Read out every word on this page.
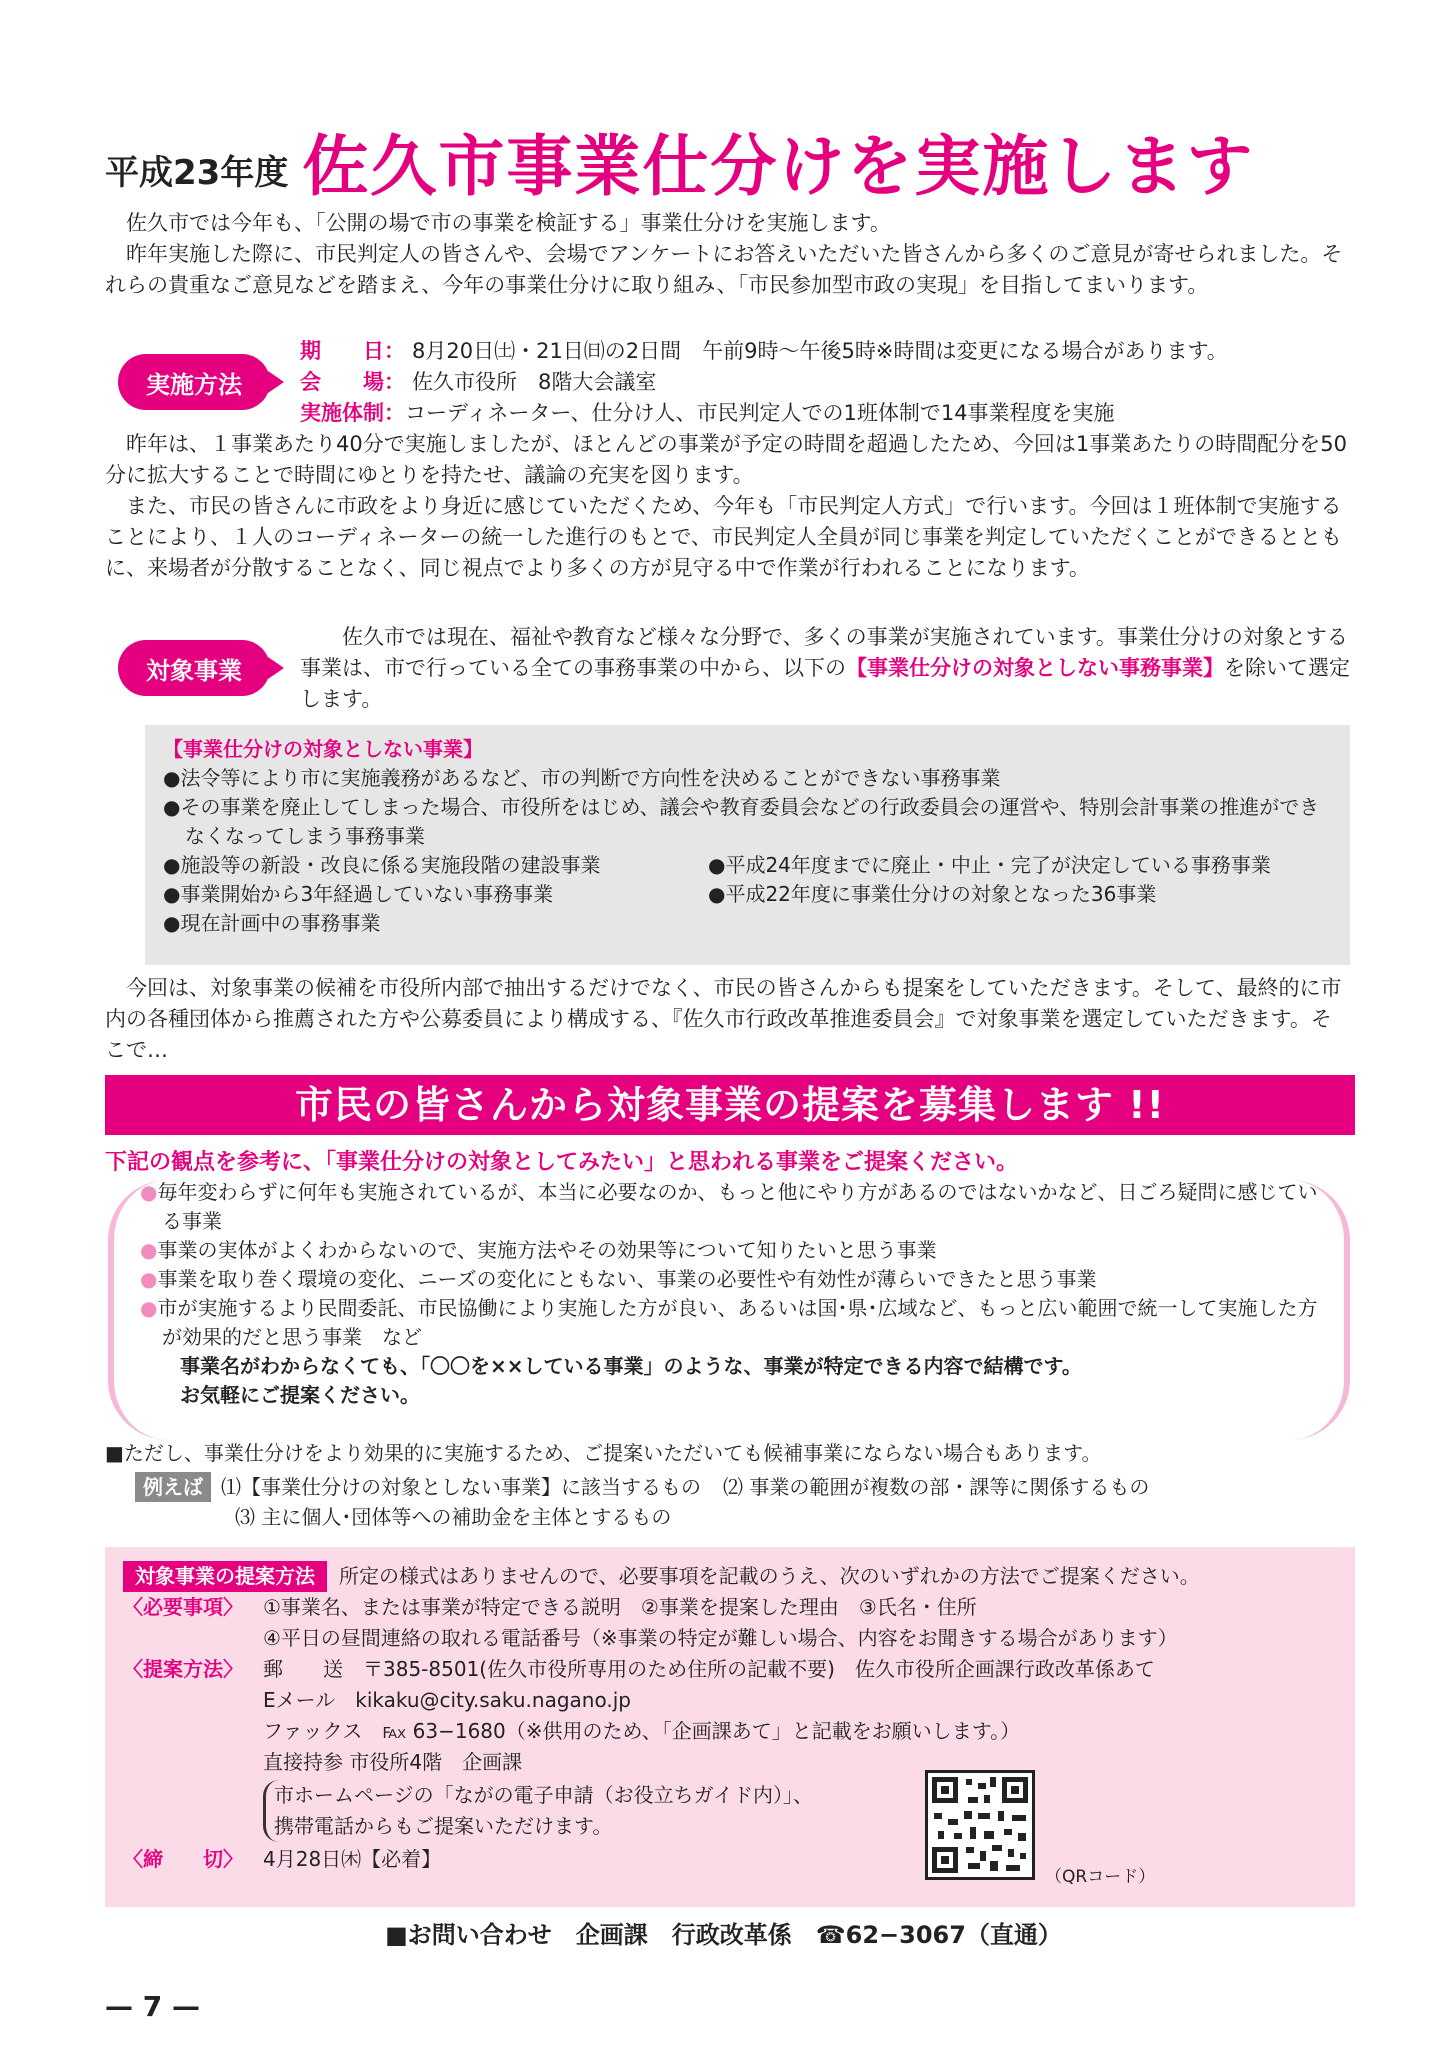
平成23年度 佐久市事業仕分けを実施します

佐久市では今年も、「公開の場で市の事業を検証する」事業仕分けを実施します。

昨年実施した際に、市民判定人の皆さんや、会場でアンケートにお答えいただいた皆さんから多くのご意見が寄せられました。それらの貴重なご意見などを踏まえ、今年の事業仕分けに取り組み、「市民参加型市政の実現」を目指してまいります。

実施方法
期　　日： 8月20日㈯・21日㈰の2日間　午前9時〜午後5時※時間は変更になる場合があります。
会　　場： 佐久市役所　8階大会議室
実施体制： コーディネーター、仕分け人、市民判定人での1班体制で14事業程度を実施

昨年は、１事業あたり40分で実施しましたが、ほとんどの事業が予定の時間を超過したため、今回は1事業あたりの時間配分を50分に拡大することで時間にゆとりを持たせ、議論の充実を図ります。

また、市民の皆さんに市政をより身近に感じていただくため、今年も「市民判定人方式」で行います。今回は１班体制で実施することにより、１人のコーディネーターの統一した進行のもとで、市民判定人全員が同じ事業を判定していただくことができるとともに、来場者が分散することなく、同じ視点でより多くの方が見守る中で作業が行われることになります。

対象事業

佐久市では現在、福祉や教育など様々な分野で、多くの事業が実施されています。事業仕分けの対象とする事業は、市で行っている全ての事務事業の中から、以下の【事業仕分けの対象としない事務事業】を除いて選定します。

【事業仕分けの対象としない事業】
●法令等により市に実施義務があるなど、市の判断で方向性を決めることができない事務事業
●その事業を廃止してしまった場合、市役所をはじめ、議会や教育委員会などの行政委員会の運営や、特別会計事業の推進ができなくなってしまう事務事業
●施設等の新設・改良に係る実施段階の建設事業	●平成24年度までに廃止・中止・完了が決定している事務事業
●事業開始から3年経過していない事務事業	●平成22年度に事業仕分けの対象となった36事業
●現在計画中の事務事業

今回は、対象事業の候補を市役所内部で抽出するだけでなく、市民の皆さんからも提案をしていただきます。そして、最終的に市内の各種団体から推薦された方や公募委員により構成する、『佐久市行政改革推進委員会』で対象事業を選定していただきます。そこで…

市民の皆さんから対象事業の提案を募集します !!
下記の観点を参考に、「事業仕分けの対象としてみたい」と思われる事業をご提案ください。
●毎年変わらずに何年も実施されているが、本当に必要なのか、もっと他にやり方があるのではないかなど、日ごろ疑問に感じている事業
●事業の実体がよくわからないので、実施方法やその効果等について知りたいと思う事業
●事業を取り巻く環境の変化、ニーズの変化にともない、事業の必要性や有効性が薄らいできたと思う事業
●市が実施するより民間委託、市民協働により実施した方が良い、あるいは国･県･広域など、もっと広い範囲で統一して実施した方が効果的だと思う事業　など
事業名がわからなくても、「〇〇を××している事業」のような、事業が特定できる内容で結構です。
お気軽にご提案ください。
■ただし、事業仕分けをより効果的に実施するため、ご提案いただいても候補事業にならない場合もあります。
例えば ⑴【事業仕分けの対象としない事業】に該当するもの ⑵ 事業の範囲が複数の部・課等に関係するもの
⑶ 主に個人･団体等への補助金を主体とするもの
対象事業の提案方法	所定の様式はありませんので、必要事項を記載のうえ、次のいずれかの方法でご提案ください。
〈必要事項〉	①事業名、または事業が特定できる説明　②事業を提案した理由　③氏名・住所
④平日の昼間連絡の取れる電話番号（※事業の特定が難しい場合、内容をお聞きする場合があります）
〈提案方法〉	郵　　送　〒385-8501(佐久市役所専用のため住所の記載不要)　佐久市役所企画課行政改革係あて
Eメール　kikaku@city.saku.nagano.jp
ファックス　℻ 63−1680（※供用のため、「企画課あて」と記載をお願いします。）
直接持参 市役所4階　企画課
市ホームページの「ながの電子申請（お役立ちガイド内）」、
携帯電話からもご提案いただけます。
〈締　　切〉	4月28日㈭【必着】
（QRコード）
■お問い合わせ　企画課　行政改革係　☎62−3067（直通）
— 7 —
